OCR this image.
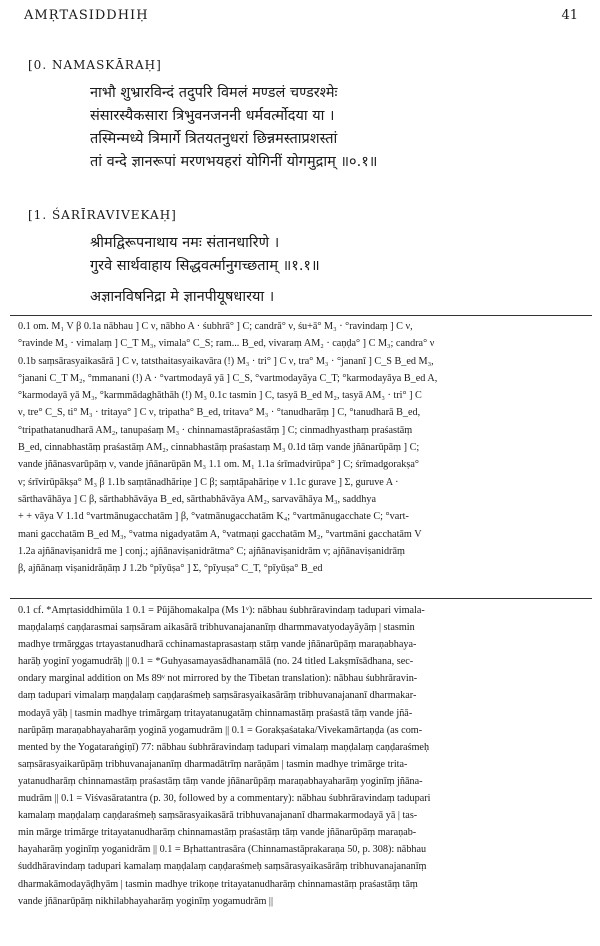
AMṚTASIDDHIḤ	41
[0. NAMASKĀRAḤ]
नाभौ शुभ्रारविन्दं तदुपरि विमलं मण्डलं चण्डरश्मेः
संसारस्यैकसारा त्रिभुवनजननी धर्मवर्त्मोदया या ।
तस्मिन्मध्ये त्रिमार्गे त्रितयतनुधरां छिन्नमस्ताप्रशस्तां
तां वन्दे ज्ञानरूपां मरणभयहरां योगिनीं योगमुद्राम् ॥०.१॥
[1. ŚARĪRAVIVEKAḤ]
श्रीमद्विरूपनाथाय नमः संतानधारिणे ।
गुरवे सार्थवाहाय सिद्धवर्त्मानुगच्छताम् ॥१.१॥
अज्ञानविषनिद्रा मे ज्ञानपीयूषधारया ।
0.1 om. M₁ V β 0.1a nābhau ] C ν, nābho A · śubhrā° ] C; candrā° ν, śu+ā° M₃ · °ravindaṃ ] C ν,
°ravinde M₃ · vimalaṃ ] C_T M₃, vimala° C_S; ram... B_ed, vivaraṃ AM₂ · caṇḍa° ] C M₃; candra° ν
0.1b saṃsārasyaikasārā ] C ν, tatsthaitasyaikavāra (!) M₃ · tri° ] C ν, tra° M₃ · °jananī ] C_S B_ed M₃,
°janani C_T M₂, °mmanani (!) A · °vartmodayā yā ] C_S, °vartmodayāya C_T; °karmodayāya B_ed A,
°karmodayā yā M₃, °karmmādaghāthāh (!) M₃ 0.1c tasmin ] C, tasyā B_ed M₂, tasyā AM₃ · tri° ] C
ν, tre° C_S, ti° M₃ · tritaya° ] C ν, tripatha° B_ed, tritava° M₃ · °tanudharāṃ ] C, °tanudharā B_ed,
°tripathatanudharā AM₂, tanupaśaṃ M₃ · chinnamastāpraśastāṃ ] C; cinmadhyasthaṃ praśastāṃ
B_ed, cinnabhastāṃ praśastāṃ AM₂, cinnabhastāṃ praśastaṃ M₃ 0.1d tāṃ vande jñānarūpāṃ ] C;
vande jñānasvarūpāṃ ν, vande jñānarūpān M₃ 1.1 om. M₁ 1.1a śrīmadvirūpa° ] C; śrīmadgorakṣa°
ν; śrīvirūpākṣa° M₃ β 1.1b saṃtānadhāriṇe ] C β; saṃtāpahāriṇe ν 1.1c gurave ] Σ, guruve A ·
sārthavāhāya ] C β, sārthabhāvāya B_ed, sārthabhāvāya AM₂, sarvavāhāya M₃, saddhya
+ + vāya V 1.1d °vartmānugacchatām ] β, °vatmānugacchatām K₄; °vartmānugacchate C; °vart-
mani gacchatām B_ed M₃, °vatma nigadyatām A, °vatmaṇi gacchatām M₂, °vartmāni gacchatām V
1.2a ajñānaviṣanidrā me ] conj.; ajñānaviṣanidrātma° C; ajñānaviṣanidrām ν; ajñānaviṣanidrāṃ
β, ajñānaṃ viṣanidrāṇāṃ J 1.2b °pīyūṣa° ] Σ, °pīyuṣa° C_T, °pīyūṣa° B_ed
0.1 cf. *Amṛtasiddhimūla 1 0.1 = Pūjāhomakalpa (Ms 1ᵛ): nābhau śubhrāravindaṃ tadupari vimala-
maṇḍalaṃś caṇḍarasmai saṃsāram aikasārā tribhuvanajananīṃ dharmmavatyodayāyāṃ | stasmin
madhye trmārggas trtayastanudharā cchinamastaprasastaṃ stāṃ vande jñānarūpāṃ maraṇabhaya-
harāḥ yoginī yogamudrāḥ || 0.1 = *Guhyasamayasādhanamālā (no. 24 titled Lakṣmīsādhana, sec-
ondary marginal addition on Ms 89ᵛ not mirrored by the Tibetan translation): nābhau śubhrāravin-
daṃ tadupari vimalaṃ maṇḍalaṃ caṇḍaraśmeḥ saṃsārasyaikasārāṃ tribhuvanajananī dharmakar-
modayā yāḥ | tasmin madhye trimārgaṃ tritayatanugatāṃ chinnamastāṃ praśastā tāṃ vande jñā-
narūpāṃ maraṇabhayaharāṃ yoginā yogamudrām || 0.1 = Gorakṣaśataka/Vivekamārtaṇḍa (as com-
mented by the Yogataraṅgiṇī) 77: nābhau śubhrāravindaṃ tadupari vimalaṃ maṇḍalaṃ caṇḍaraśmeḥ
saṃsārasyaikarūpāṃ tribhuvanajananīṃ dharmadātrīṃ narāṇām | tasmin madhye trimārge trita-
yatanudharāṃ chinnamastāṃ praśastāṃ tāṃ vande jñānarūpāṃ maraṇabhayaharāṃ yoginīṃ jñāna-
mudrām || 0.1 = Viśvasāratantra (p. 30, followed by a commentary): nābhau śubhrāravindaṃ tadupari
kamalaṃ maṇḍalaṃ caṇḍaraśmeḥ saṃsārasyaikasārā tribhuvanajananī dharmakarmodayā yā | tas-
min mārge trimārge tritayatanudharāṃ chinnamastāṃ praśastāṃ tāṃ vande jñānarūpāṃ maraṇab-
hayaharāṃ yoginīṃ yoganidrām || 0.1 = Bṛhattantrasāra (Chinnamastāprakaraṇa 50, p. 308): nābhau
śuddhāravindaṃ tadupari kamalaṃ maṇḍalaṃ caṇḍaraśmeḥ saṃsārasyaikasārāṃ tribhuvanajananīṃ
dharmakāmodayāḍhyām | tasmin madhye trikoṇe tritayatanudharāṃ chinnamastāṃ praśastāṃ tāṃ
vande jñānarūpāṃ nikhilabhayaharāṃ yoginīṃ yogamudrām ||
